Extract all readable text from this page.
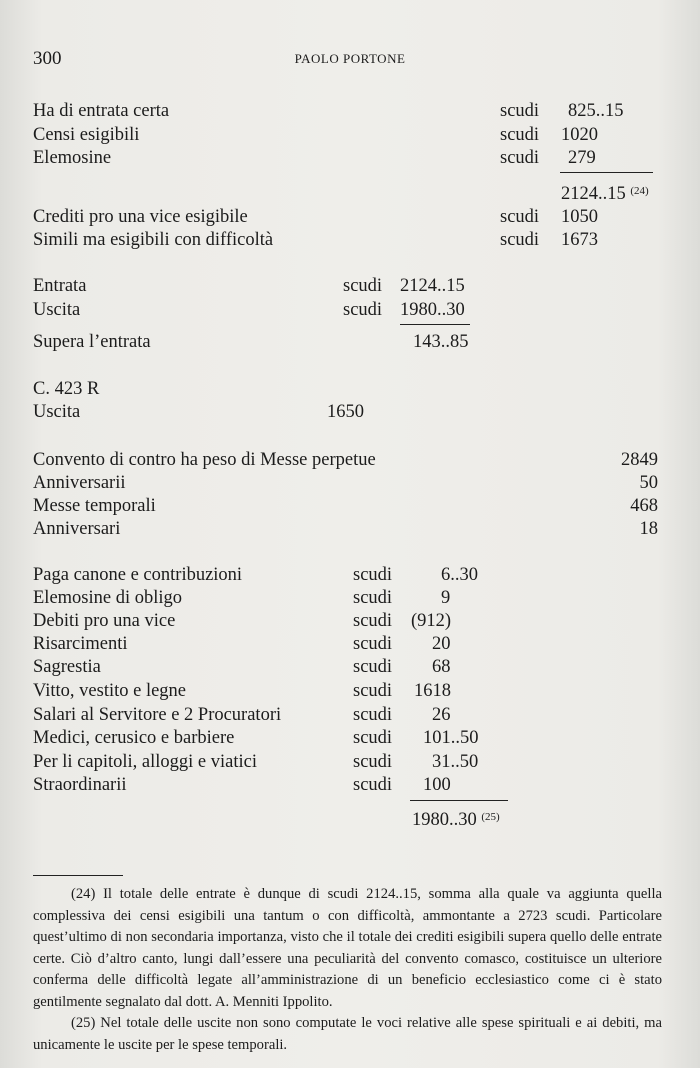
300	PAOLO PORTONE
Ha di entrata certa	scudi 825..15
Censi esigibili	scudi 1020
Elemosine	scudi 279
2124..15 $^{(24)}$
Crediti pro una vice esigibile	scudi 1050
Simili ma esigibili con difficoltà	scudi 1673
Entrata	scudi 2124..15
Uscita	scudi 1980..30
Supera l’entrata	143..85
C. 423 R
Uscita	1650
Convento di contro ha peso di Messe perpetue	2849
Anniversarii	50
Messe temporali	468
Anniversari	18
Paga canone e contribuzioni	scudi	6..30
Elemosine di obligo	scudi	9
Debiti pro una vice	scudi (912)
Risarcimenti	scudi 20
Sagrestia	scudi 68
Vitto, vestito e legne	scudi 1618
Salari al Servitore e 2 Procuratori	scudi 26
Medici, cerusico e barbiere	scudi 101..50
Per li capitoli, alloggi e viatici	scudi 31..50
Straordinarii	scudi 100
1980..30 $^{(25)}$

(24) Il totale delle entrate è dunque di scudi 2124..15, somma alla quale va aggiunta quella complessiva dei censi esigibili una tantum o con difficoltà, ammontante a 2723 scudi. Particolare quest’ultimo di non secondaria importanza, visto che il totale dei crediti esigibili supera quello delle entrate certe. Ciò d’altro canto, lungi dall’essere una peculiarità del convento comasco, costituisce un ulteriore conferma delle difficoltà legate all’amministrazione di un beneficio ecclesiastico come ci è stato gentilmente segnalato dal dott. A. Menniti Ippolito.

(25) Nel totale delle uscite non sono computate le voci relative alle spese spirituali e ai debiti, ma unicamente le uscite per le spese temporali.
